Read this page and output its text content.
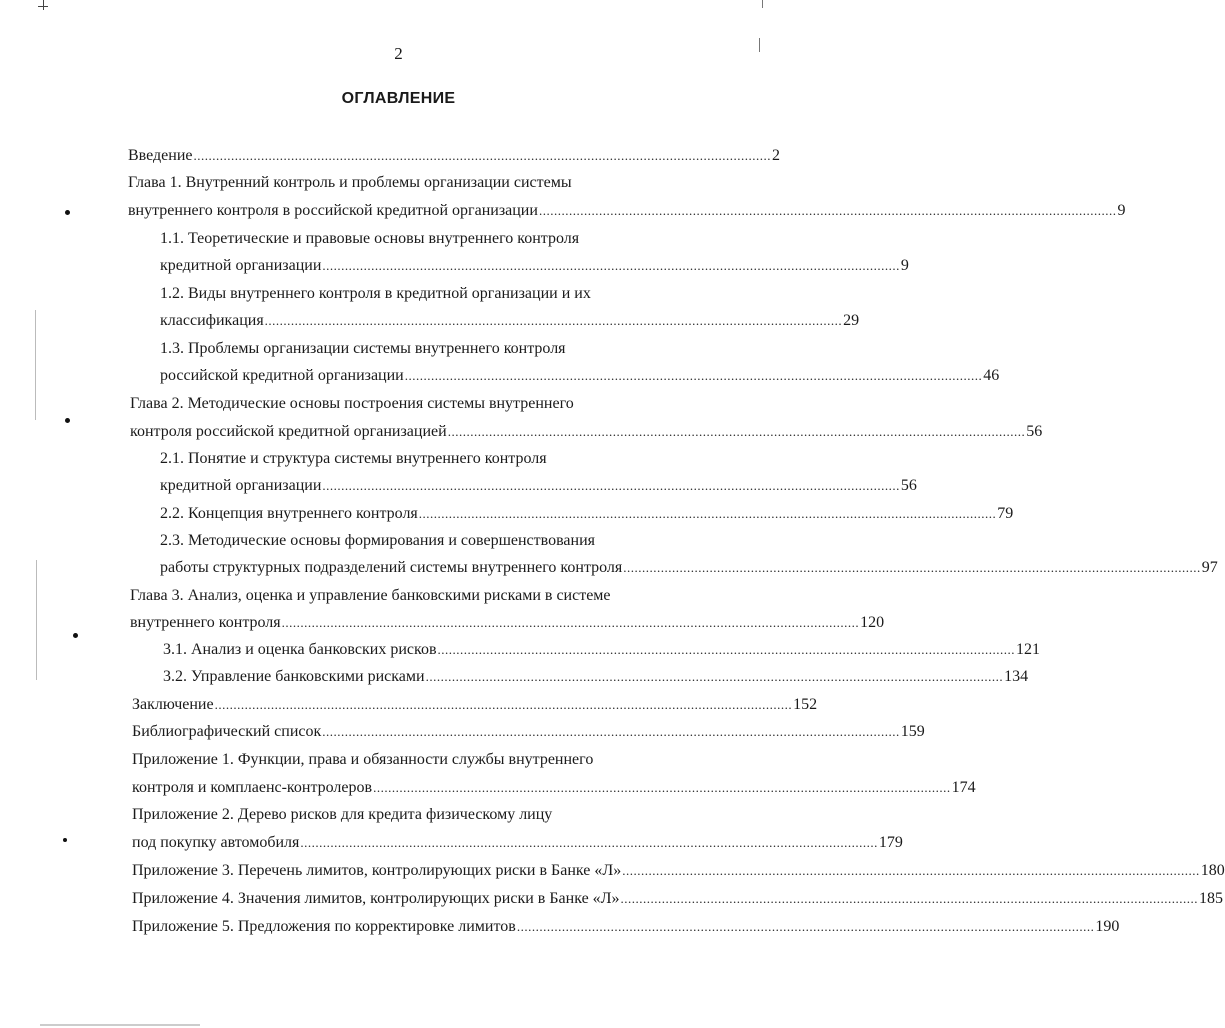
2
ОГЛАВЛЕНИЕ
Введение .......................................................................................................................................................... 2
Глава 1. Внутренний контроль и проблемы организации системы
внутреннего контроля в российской кредитной организации .......................................................................................................................................................... 9
1.1. Теоретические и правовые основы внутреннего контроля
кредитной организации .......................................................................................................................................................... 9
1.2. Виды внутреннего контроля в кредитной организации и их
классификация .......................................................................................................................................................... 29
1.3. Проблемы организации системы внутреннего контроля
российской кредитной организации .......................................................................................................................................................... 46
Глава 2. Методические основы построения системы внутреннего
контроля российской кредитной организацией .......................................................................................................................................................... 56
2.1. Понятие и структура системы внутреннего контроля
кредитной организации .......................................................................................................................................................... 56
2.2. Концепция внутреннего контроля .......................................................................................................................................................... 79
2.3. Методические основы формирования и совершенствования
работы структурных подразделений системы внутреннего контроля .......................................................................................................................................................... 97
Глава 3. Анализ, оценка и управление банковскими рисками в системе
внутреннего контроля .......................................................................................................................................................... 120
3.1. Анализ и оценка банковских рисков .......................................................................................................................................................... 121
3.2. Управление банковскими рисками .......................................................................................................................................................... 134
Заключение .......................................................................................................................................................... 152
Библиографический список .......................................................................................................................................................... 159
Приложение 1. Функции, права и обязанности службы внутреннего
контроля и комплаенс-контролеров .......................................................................................................................................................... 174
Приложение 2. Дерево рисков для кредита физическому лицу
под покупку автомобиля .......................................................................................................................................................... 179
Приложение 3. Перечень лимитов, контролирующих риски в Банке «Л» .......................................................................................................................................................... 180
Приложение 4. Значения лимитов, контролирующих риски в Банке «Л» .......................................................................................................................................................... 185
Приложение 5. Предложения по корректировке лимитов .......................................................................................................................................................... 190
